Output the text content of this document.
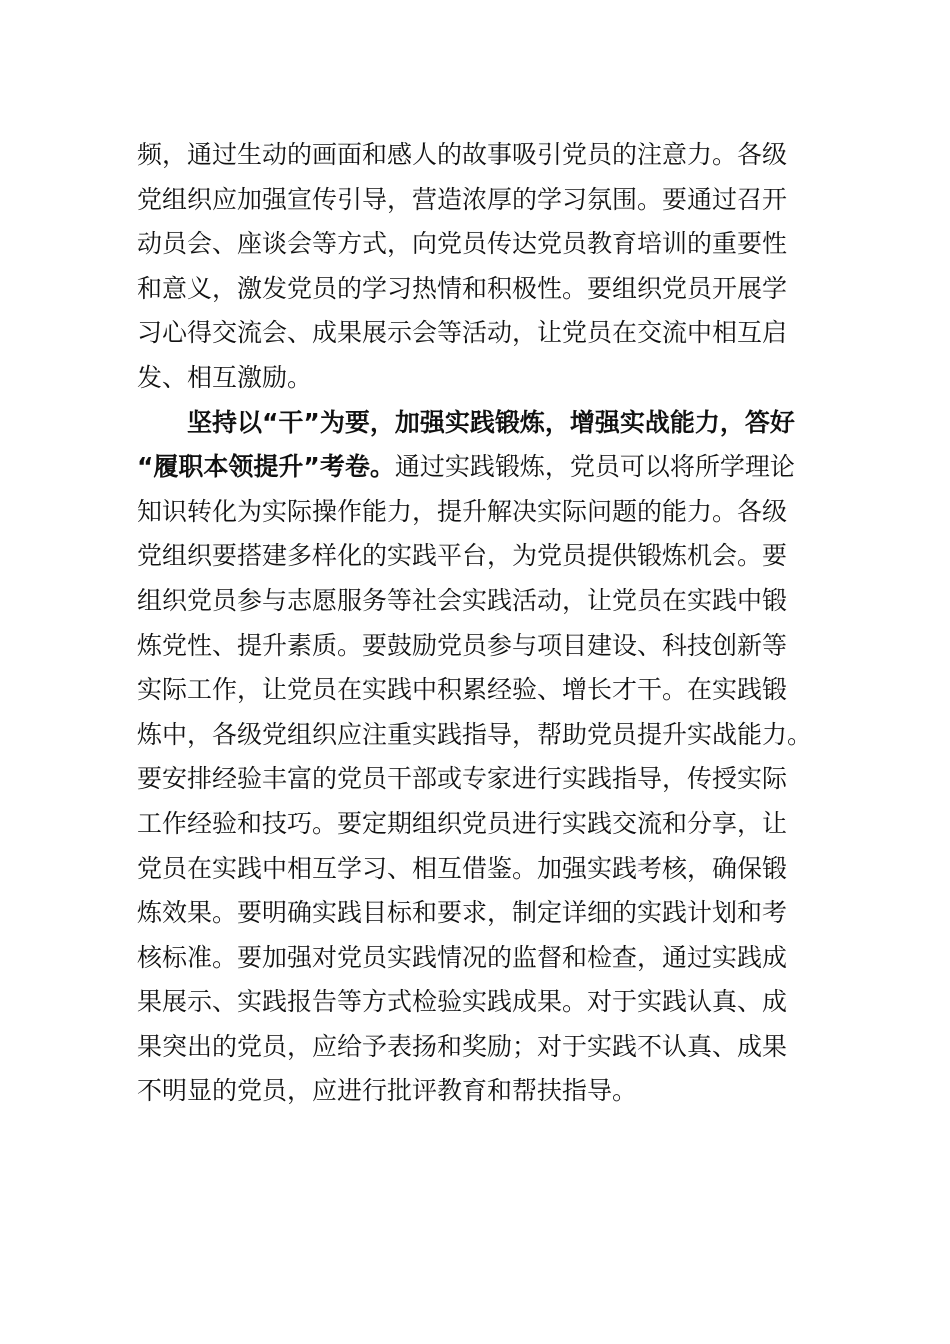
频，通过生动的画面和感人的故事吸引党员的注意力。各级
党组织应加强宣传引导，营造浓厚的学习氛围。要通过召开
动员会、座谈会等方式，向党员传达党员教育培训的重要性
和意义，激发党员的学习热情和积极性。要组织党员开展学
习心得交流会、成果展示会等活动，让党员在交流中相互启
发、相互激励。
　　坚持以“干”为要，加强实践锻炼，增强实战能力，答好
“履职本领提升”考卷。通过实践锻炼，党员可以将所学理论
知识转化为实际操作能力，提升解决实际问题的能力。各级
党组织要搭建多样化的实践平台，为党员提供锻炼机会。要
组织党员参与志愿服务等社会实践活动，让党员在实践中锻
炼党性、提升素质。要鼓励党员参与项目建设、科技创新等
实际工作，让党员在实践中积累经验、增长才干。在实践锻
炼中，各级党组织应注重实践指导，帮助党员提升实战能力。
要安排经验丰富的党员干部或专家进行实践指导，传授实际
工作经验和技巧。要定期组织党员进行实践交流和分享，让
党员在实践中相互学习、相互借鉴。加强实践考核，确保锻
炼效果。要明确实践目标和要求，制定详细的实践计划和考
核标准。要加强对党员实践情况的监督和检查，通过实践成
果展示、实践报告等方式检验实践成果。对于实践认真、成
果突出的党员，应给予表扬和奖励；对于实践不认真、成果
不明显的党员，应进行批评教育和帮扶指导。
